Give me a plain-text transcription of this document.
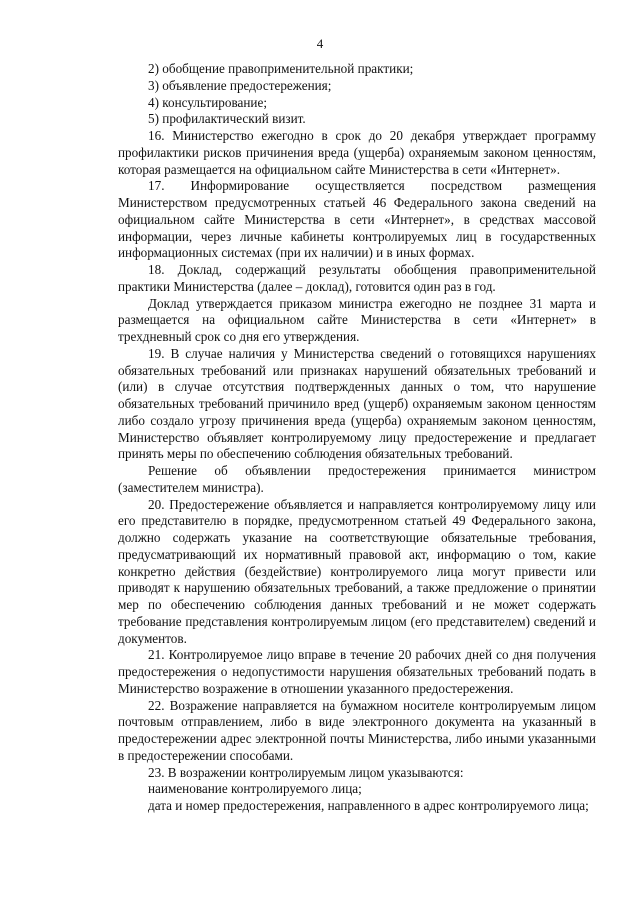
4

2) обобщение правоприменительной практики;

3) объявление предостережения;

4) консультирование;

5) профилактический визит.

16. Министерство ежегодно в срок до 20 декабря утверждает программу профилактики рисков причинения вреда (ущерба) охраняемым законом ценностям, которая размещается на официальном сайте Министерства в сети «Интернет».

17. Информирование осуществляется посредством размещения Министерством предусмотренных статьей 46 Федерального закона сведений на официальном сайте Министерства в сети «Интернет», в средствах массовой информации, через личные кабинеты контролируемых лиц в государственных информационных системах (при их наличии) и в иных формах.

18. Доклад, содержащий результаты обобщения правоприменительной практики Министерства (далее – доклад), готовится один раз в год.

Доклад утверждается приказом министра ежегодно не позднее 31 марта и размещается на официальном сайте Министерства в сети «Интернет» в трехдневный срок со дня его утверждения.

19. В случае наличия у Министерства сведений о готовящихся нарушениях обязательных требований или признаках нарушений обязательных требований и (или) в случае отсутствия подтвержденных данных о том, что нарушение обязательных требований причинило вред (ущерб) охраняемым законом ценностям либо создало угрозу причинения вреда (ущерба) охраняемым законом ценностям, Министерство объявляет контролируемому лицу предостережение и предлагает принять меры по обеспечению соблюдения обязательных требований.

Решение об объявлении предостережения принимается министром (заместителем министра).

20. Предостережение объявляется и направляется контролируемому лицу или его представителю в порядке, предусмотренном статьей 49 Федерального закона, должно содержать указание на соответствующие обязательные требования, предусматривающий их нормативный правовой акт, информацию о том, какие конкретно действия (бездействие) контролируемого лица могут привести или приводят к нарушению обязательных требований, а также предложение о принятии мер по обеспечению соблюдения данных требований и не может содержать требование представления контролируемым лицом (его представителем) сведений и документов.

21. Контролируемое лицо вправе в течение 20 рабочих дней со дня получения предостережения о недопустимости нарушения обязательных требований подать в Министерство возражение в отношении указанного предостережения.

22. Возражение направляется на бумажном носителе контролируемым лицом почтовым отправлением, либо в виде электронного документа на указанный в предостережении адрес электронной почты Министерства, либо иными указанными в предостережении способами.

23. В возражении контролируемым лицом указываются:

наименование контролируемого лица;

дата и номер предостережения, направленного в адрес контролируемого лица;
